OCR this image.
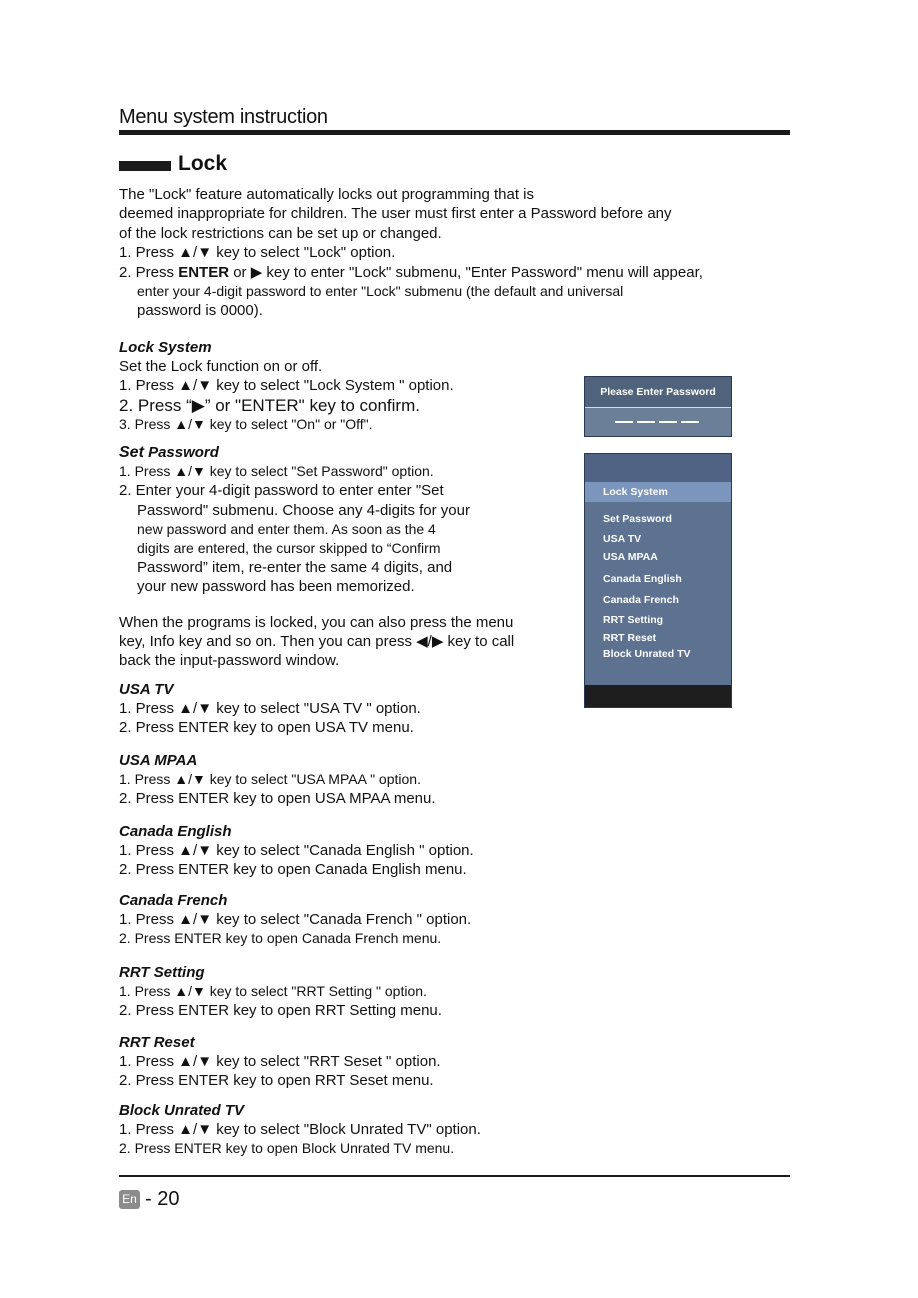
Menu system instruction
Lock

The "Lock" feature automatically locks out programming that is

deemed inappropriate for children. The user must first enter a Password before any

of the lock restrictions can be set up or changed.

1. Press ▲/▼ key to select "Lock" option.

2. Press ENTER or ▶ key to enter "Lock" submenu, "Enter Password" menu will appear,

enter your 4-digit password to enter "Lock" submenu (the default and universal

password is 0000).

Lock System

Set the Lock function on or off.

1. Press ▲/▼ key to select "Lock System " option.

2. Press “▶” or "ENTER" key to confirm.

3. Press ▲/▼ key to select "On" or "Off".

Set Password

1. Press ▲/▼ key to select "Set Password" option.

2. Enter your 4-digit password to enter enter "Set

Password" submenu. Choose any 4-digits for your

new password and enter them. As soon as the 4

digits are entered, the cursor skipped to “Confirm

Password” item, re-enter the same 4 digits, and

your new password has been memorized.

When the programs is locked, you can also press the menu

key, Info key and so on. Then you can press ◀/▶ key to call

back the input-password window.

USA TV

1. Press ▲/▼ key to select "USA TV " option.

2. Press ENTER key to open USA TV menu.

USA MPAA

1. Press ▲/▼ key to select "USA MPAA " option.

2. Press ENTER key to open USA MPAA menu.

Canada English

1. Press ▲/▼ key to select "Canada English " option.

2. Press ENTER key to open Canada English menu.

Canada French

1. Press ▲/▼ key to select "Canada French " option.

2. Press ENTER key to open Canada French menu.

RRT Setting

1. Press ▲/▼ key to select "RRT Setting " option.

2. Press ENTER key to open RRT Setting menu.

RRT Reset

1. Press ▲/▼ key to select "RRT Seset " option.

2. Press ENTER key to open RRT Seset menu.

Block Unrated TV

1. Press ▲/▼ key to select "Block Unrated TV" option.

2. Press ENTER key to open Block Unrated TV menu.

Please Enter Password
Lock System
Set Password
USA TV
USA MPAA
Canada English
Canada French
RRT Setting
RRT Reset
Block Unrated TV
En - 20
